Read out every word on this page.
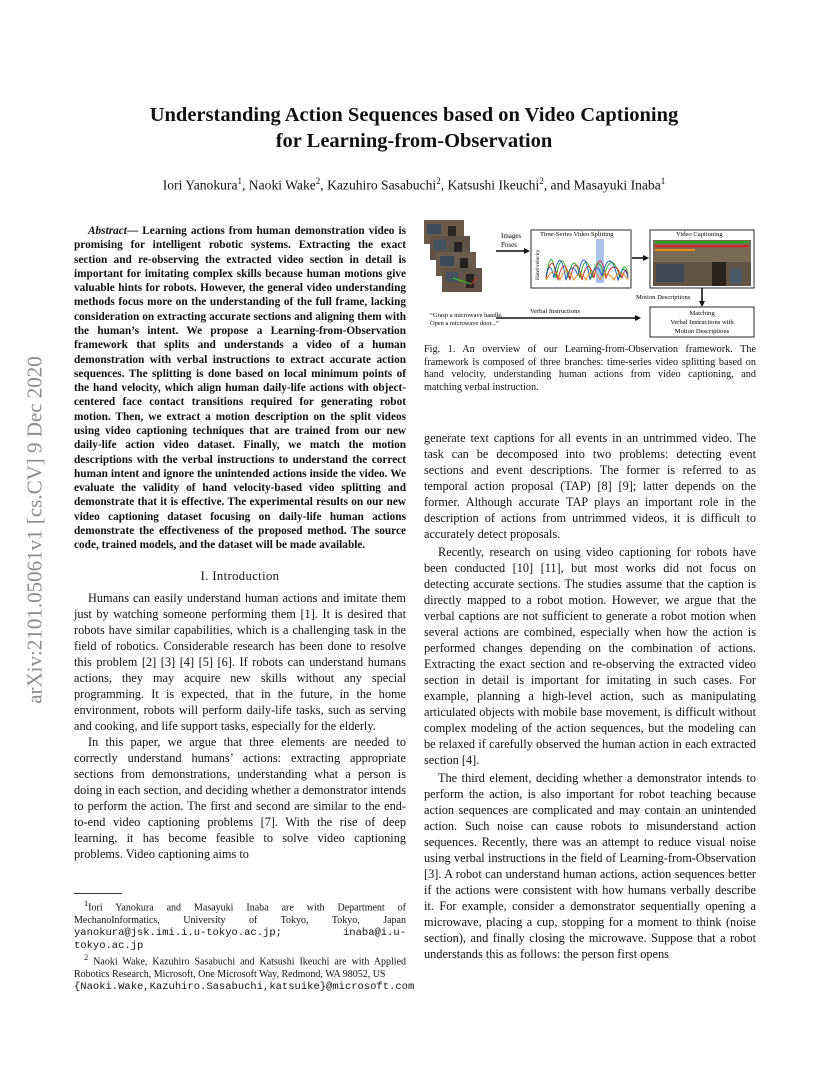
arXiv:2101.05061v1 [cs.CV] 9 Dec 2020
Understanding Action Sequences based on Video Captioning
for Learning-from-Observation
Iori Yanokura$^1$, Naoki Wake$^2$, Kazuhiro Sasabuchi$^2$, Katsushi Ikeuchi$^2$, and Masayuki Inaba$^1$

Abstract— Learning actions from human demonstration video is promising for intelligent robotic systems. Extracting the exact section and re-observing the extracted video section in detail is important for imitating complex skills because human motions give valuable hints for robots. However, the general video understanding methods focus more on the understanding of the full frame, lacking consideration on extracting accurate sections and aligning them with the human’s intent. We propose a Learning-from-Observation framework that splits and understands a video of a human demonstration with verbal instructions to extract accurate action sequences. The splitting is done based on local minimum points of the hand velocity, which align human daily-life actions with object-centered face contact transitions required for generating robot motion. Then, we extract a motion description on the split videos using video captioning techniques that are trained from our new daily-life action video dataset. Finally, we match the motion descriptions with the verbal instructions to understand the correct human intent and ignore the unintended actions inside the video. We evaluate the validity of hand velocity-based video splitting and demonstrate that it is effective. The experimental results on our new video captioning dataset focusing on daily-life human actions demonstrate the effectiveness of the proposed method. The source code, trained models, and the dataset will be made available.

I. Introduction

Humans can easily understand human actions and imitate them just by watching someone performing them [1]. It is desired that robots have similar capabilities, which is a challenging task in the field of robotics. Considerable research has been done to resolve this problem [2] [3] [4] [5] [6]. If robots can understand humans actions, they may acquire new skills without any special programming. It is expected, that in the future, in the home environment, robots will perform daily-life tasks, such as serving and cooking, and life support tasks, especially for the elderly.

In this paper, we argue that three elements are needed to correctly understand humans’ actions: extracting appropriate sections from demonstrations, understanding what a person is doing in each section, and deciding whether a demonstrator intends to perform the action. The first and second are similar to the end-to-end video captioning problems [7]. With the rise of deep learning, it has become feasible to solve video captioning problems. Video captioning aims to

$^1$Iori Yanokura and Masayuki Inaba are with Department of MechanoInformatics, University of Tokyo, Tokyo, Japan yanokura@jsk.imi.i.u-tokyo.ac.jp; inaba@i.u-tokyo.ac.jp

$^2$ Naoki Wake, Kazuhiro Sasabuchi and Katsushi Ikeuchi are with Applied Robotics Research, Microsoft, One Microsoft Way, Redmond, WA 98052, US

{Naoki.Wake,Kazuhiro.Sasabuchi,katsuike}@microsoft.com

Images
Poses
Time-Series Video Splitting
Hand velocity
Video Captioning
Motion Descriptions
Verbal Instructions
“Grasp a microwave handle.
Open a microwave door...”
Matching
Verbal Instructions with
Motion Descriptions

Fig. 1. An overview of our Learning-from-Observation framework. The framework is composed of three branches: time-series video splitting based on hand velocity, understanding human actions from video captioning, and matching verbal instruction.

generate text captions for all events in an untrimmed video. The task can be decomposed into two problems: detecting event sections and event descriptions. The former is referred to as temporal action proposal (TAP) [8] [9]; latter depends on the former. Although accurate TAP plays an important role in the description of actions from untrimmed videos, it is difficult to accurately detect proposals.

Recently, research on using video captioning for robots have been conducted [10] [11], but most works did not focus on detecting accurate sections. The studies assume that the caption is directly mapped to a robot motion. However, we argue that the verbal captions are not sufficient to generate a robot motion when several actions are combined, especially when how the action is performed changes depending on the combination of actions. Extracting the exact section and re-observing the extracted video section in detail is important for imitating in such cases. For example, planning a high-level action, such as manipulating articulated objects with mobile base movement, is difficult without complex modeling of the action sequences, but the modeling can be relaxed if carefully observed the human action in each extracted section [4].

The third element, deciding whether a demonstrator intends to perform the action, is also important for robot teaching because action sequences are complicated and may contain an unintended action. Such noise can cause robots to misunderstand action sequences. Recently, there was an attempt to reduce visual noise using verbal instructions in the field of Learning-from-Observation [3]. A robot can understand human actions, action sequences better if the actions were consistent with how humans verbally describe it. For example, consider a demonstrator sequentially opening a microwave, placing a cup, stopping for a moment to think (noise section), and finally closing the microwave. Suppose that a robot understands this as follows: the person first opens
